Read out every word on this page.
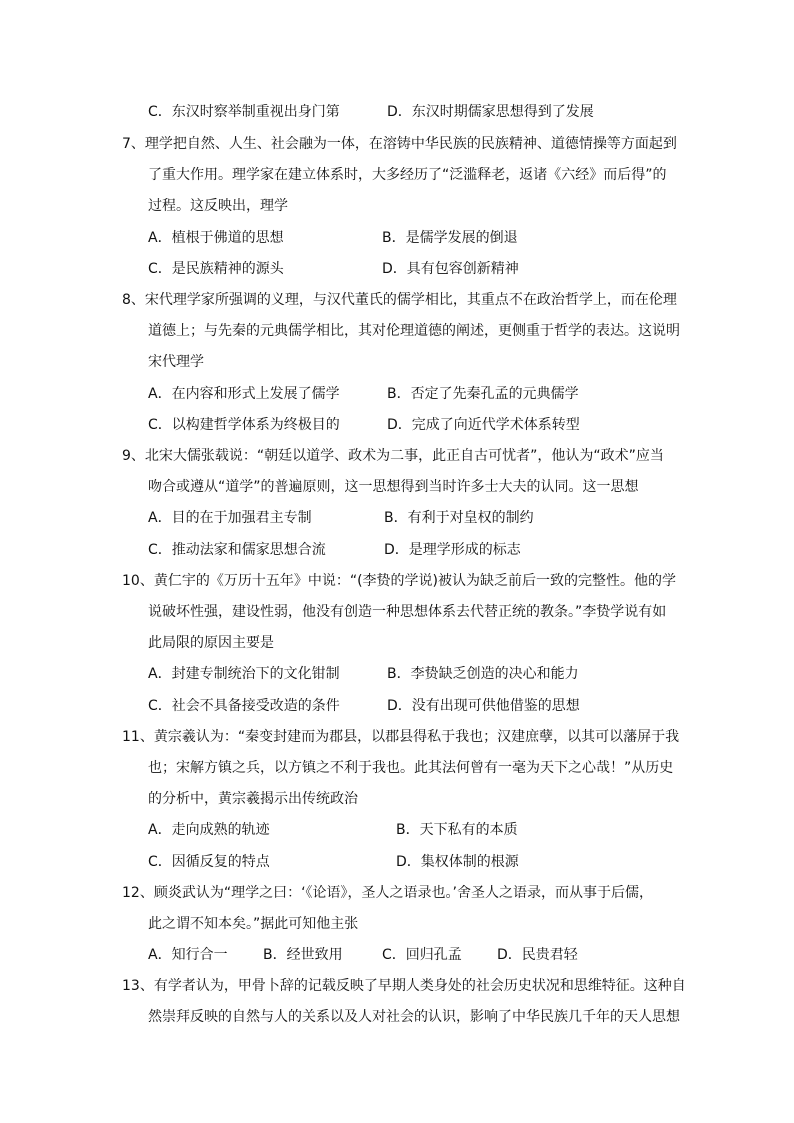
C．东汉时察举制重视出身门第	D．东汉时期儒家思想得到了发展
7、理学把自然、人生、社会融为一体，在溶铸中华民族的民族精神、道德情操等方面起到
了重大作用。理学家在建立体系时，大多经历了“泛滥释老，返诸《六经》而后得”的
过程。这反映出，理学
A．植根于佛道的思想	B．是儒学发展的倒退
C．是民族精神的源头	D．具有包容创新精神
8、宋代理学家所强调的义理，与汉代董氏的儒学相比，其重点不在政治哲学上，而在伦理
道德上；与先秦的元典儒学相比，其对伦理道德的阐述，更侧重于哲学的表达。这说明
宋代理学
A．在内容和形式上发展了儒学	B．否定了先秦孔孟的元典儒学
C．以构建哲学体系为终极目的	D．完成了向近代学术体系转型
9、北宋大儒张载说：“朝廷以道学、政术为二事，此正自古可忧者”，他认为“政术”应当
吻合或遵从“道学”的普遍原则，这一思想得到当时许多士大夫的认同。这一思想
A．目的在于加强君主专制	B．有利于对皇权的制约
C．推动法家和儒家思想合流	D．是理学形成的标志
10、黄仁宇的《万历十五年》中说：“(李贽的学说)被认为缺乏前后一致的完整性。他的学
说破坏性强，建设性弱，他没有创造一种思想体系去代替正统的教条。”李贽学说有如
此局限的原因主要是
A．封建专制统治下的文化钳制	B．李贽缺乏创造的决心和能力
C．社会不具备接受改造的条件	D．没有出现可供他借鉴的思想
11、黄宗羲认为：“秦变封建而为郡县，以郡县得私于我也；汉建庶孽，以其可以藩屏于我
也；宋解方镇之兵，以方镇之不利于我也。此其法何曾有一毫为天下之心哉！”从历史
的分析中，黄宗羲揭示出传统政治
A．走向成熟的轨迹	B．天下私有的本质
C．因循反复的特点	D．集权体制的根源
12、顾炎武认为“理学之曰：‘《论语》，圣人之语录也。’舍圣人之语录，而从事于后儒，
此之谓不知本矣。”据此可知他主张
A．知行合一	B．经世致用	C．回归孔孟	D．民贵君轻
13、有学者认为，甲骨卜辞的记载反映了早期人类身处的社会历史状况和思维特征。这种自
然崇拜反映的自然与人的关系以及人对社会的认识，影响了中华民族几千年的天人思想
